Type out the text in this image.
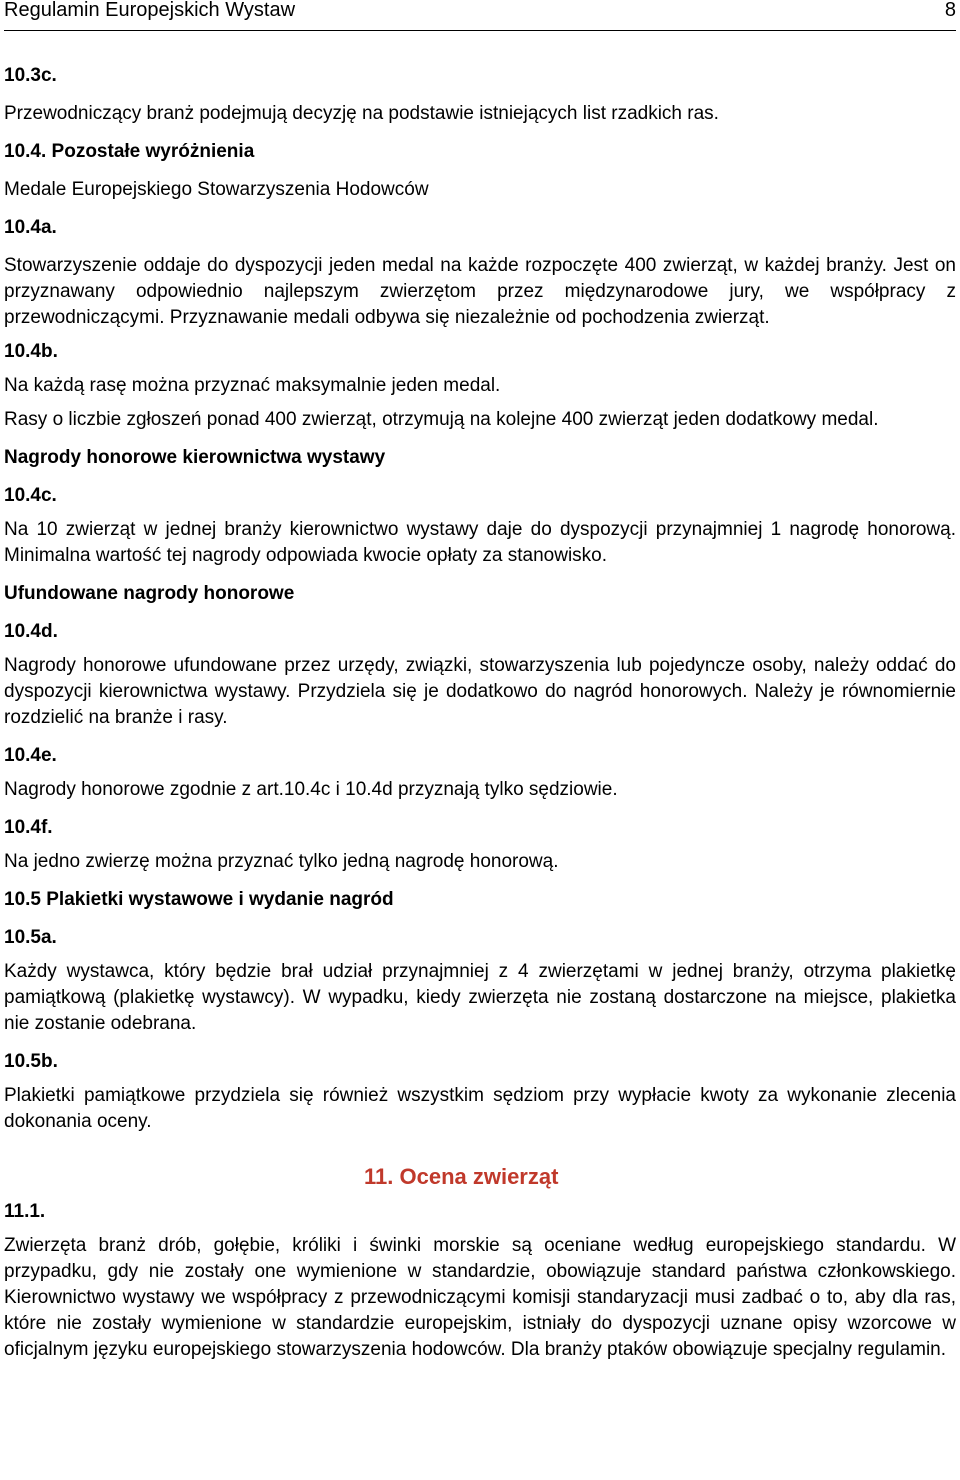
Regulamin Europejskich Wystaw	8

10.3c.

Przewodniczący branż podejmują decyzję na podstawie istniejących list rzadkich ras.

10.4. Pozostałe wyróżnienia

Medale Europejskiego Stowarzyszenia Hodowców

10.4a.

Stowarzyszenie oddaje do dyspozycji jeden medal na każde rozpoczęte 400 zwierząt, w każdej branży. Jest on przyznawany odpowiednio najlepszym zwierzętom przez międzynarodowe jury, we współpracy z przewodniczącymi. Przyznawanie medali odbywa się niezależnie od pochodzenia zwierząt.

10.4b.

Na każdą rasę można przyznać maksymalnie jeden medal.

Rasy o liczbie zgłoszeń ponad 400 zwierząt, otrzymują na kolejne 400 zwierząt jeden dodatkowy medal.

Nagrody honorowe kierownictwa wystawy

10.4c.

Na 10 zwierząt w jednej branży kierownictwo wystawy daje do dyspozycji przynajmniej 1 nagrodę honorową. Minimalna wartość tej nagrody odpowiada kwocie opłaty za stanowisko.

Ufundowane nagrody honorowe

10.4d.

Nagrody honorowe ufundowane przez urzędy, związki, stowarzyszenia lub pojedyncze osoby, należy oddać do dyspozycji kierownictwa wystawy. Przydziela się je dodatkowo do nagród honorowych. Należy je równomiernie rozdzielić na branże i rasy.

10.4e.

Nagrody honorowe zgodnie z art.10.4c i 10.4d przyznają tylko sędziowie.

10.4f.

Na jedno zwierzę można przyznać tylko jedną nagrodę honorową.

10.5 Plakietki wystawowe i wydanie nagród

10.5a.

Każdy wystawca, który będzie brał udział przynajmniej z 4 zwierzętami w jednej branży, otrzyma plakietkę pamiątkową (plakietkę wystawcy). W wypadku, kiedy zwierzęta nie zostaną dostarczone na miejsce, plakietka nie zostanie odebrana.

10.5b.

Plakietki pamiątkowe przydziela się również wszystkim sędziom przy wypłacie kwoty za wykonanie zlecenia dokonania oceny.

11. Ocena zwierząt

11.1.

Zwierzęta branż drób, gołębie, króliki i świnki morskie są oceniane według europejskiego standardu. W przypadku, gdy nie zostały one wymienione w standardzie, obowiązuje standard państwa członkowskiego. Kierownictwo wystawy we współpracy z przewodniczącymi komisji standaryzacji musi zadbać o to, aby dla ras, które nie zostały wymienione w standardzie europejskim, istniały do dyspozycji uznane opisy wzorcowe w oficjalnym języku europejskiego stowarzyszenia hodowców. Dla branży ptaków obowiązuje specjalny regulamin.
